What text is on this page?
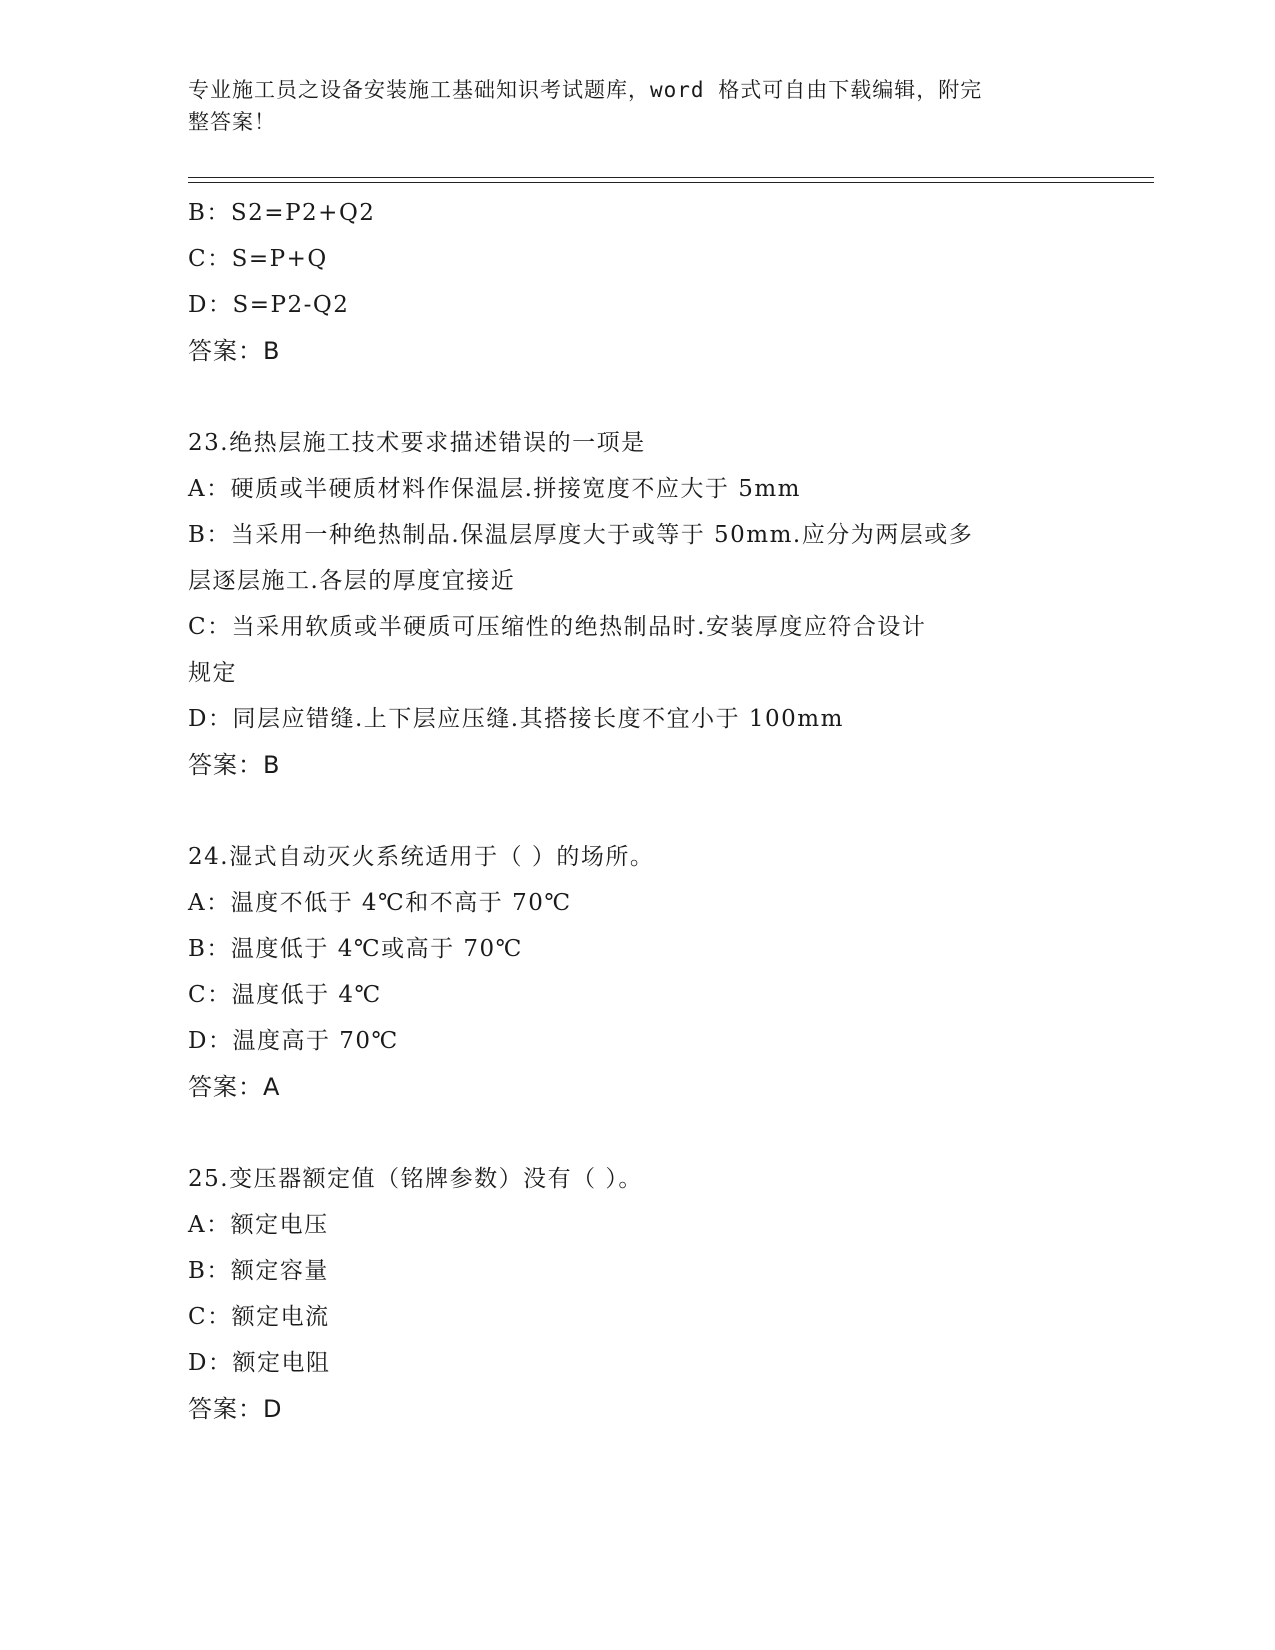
专业施工员之设备安装施工基础知识考试题库，word 格式可自由下载编辑，附完
整答案！
B：S2=P2+Q2
C：S=P+Q
D：S=P2-Q2
答案：B
23.绝热层施工技术要求描述错误的一项是
A：硬质或半硬质材料作保温层.拼接宽度不应大于 5mm
B：当采用一种绝热制品.保温层厚度大于或等于 50mm.应分为两层或多
层逐层施工.各层的厚度宜接近
C：当采用软质或半硬质可压缩性的绝热制品时.安装厚度应符合设计
规定
D：同层应错缝.上下层应压缝.其搭接长度不宜小于 100mm
答案：B
24.湿式自动灭火系统适用于（ ）的场所。
A：温度不低于 4℃和不高于 70℃
B：温度低于 4℃或高于 70℃
C：温度低于 4℃
D：温度高于 70℃
答案：A
25.变压器额定值（铭牌参数）没有（ ）。
A：额定电压
B：额定容量
C：额定电流
D：额定电阻
答案：D
